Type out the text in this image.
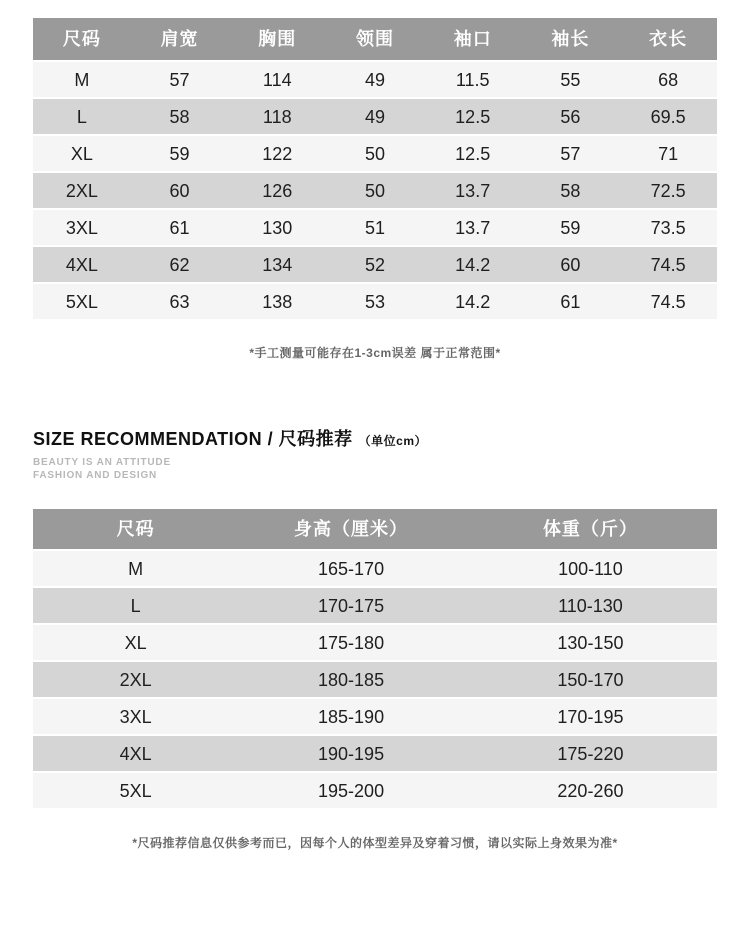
尺码	肩宽	胸围	领围	袖口	袖长	衣长
M	57	114	49	11.5	55	68
L	58	118	49	12.5	56	69.5
XL	59	122	50	12.5	57	71
2XL	60	126	50	13.7	58	72.5
3XL	61	130	51	13.7	59	73.5
4XL	62	134	52	14.2	60	74.5
5XL	63	138	53	14.2	61	74.5
*手工测量可能存在1-3cm误差 属于正常范围*
SIZE RECOMMENDATION / 尺码推荐 （单位cm）
BEAUTY IS AN ATTITUDE
FASHION AND DESIGN
尺码	身高（厘米）	体重（斤）
M	165-170	100-110
L	170-175	110-130
XL	175-180	130-150
2XL	180-185	150-170
3XL	185-190	170-195
4XL	190-195	175-220
5XL	195-200	220-260
*尺码推荐信息仅供参考而已，因每个人的体型差异及穿着习惯，请以实际上身效果为准*
